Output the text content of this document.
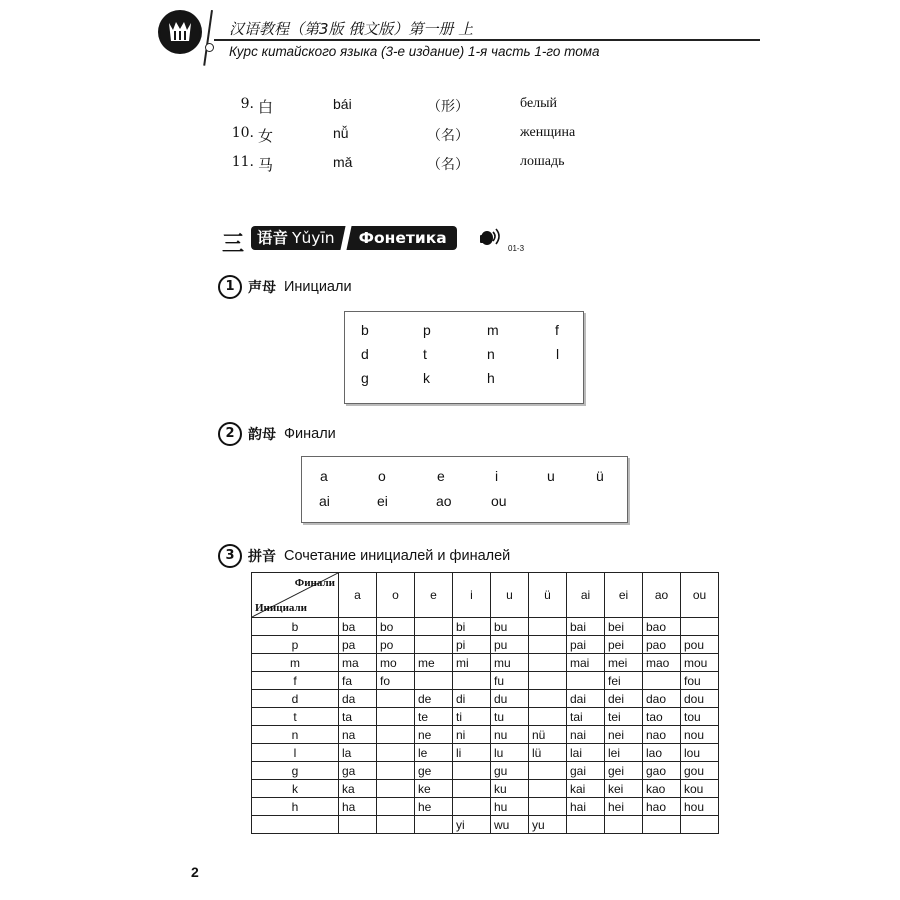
汉语教程（第3版 俄文版）第一册 上
Курс китайского языка (3-е издание) 1-я часть 1-го тома
9. 白	bái	（形）	белый
10. 女	nǚ	（名）	женщина
11. 马	mǎ	（名）	лошадь
三 语音 Yǔyīn Фонетика
01-3
1 声母 Инициали
b	p	m	f
d	t	n	l
g	k	h
2 韵母 Финали
a	o	e	i	u	ü
ai	ei	ao	ou
3 拼音 Сочетание инициалей и финалей
Финали
Инициали	a	o	e	i	u	ü	ai	ei	ao	ou
b	ba	bo		bi	bu		bai	bei	bao	
p	pa	po		pi	pu		pai	pei	pao	pou
m	ma	mo	me	mi	mu		mai	mei	mao	mou
f	fa	fo			fu			fei		fou
d	da		de	di	du		dai	dei	dao	dou
t	ta		te	ti	tu		tai	tei	tao	tou
n	na		ne	ni	nu	nü	nai	nei	nao	nou
l	la		le	li	lu	lü	lai	lei	lao	lou
g	ga		ge		gu		gai	gei	gao	gou
k	ka		ke		ku		kai	kei	kao	kou
h	ha		he		hu		hai	hei	hao	hou
				yi	wu	yu				
2
